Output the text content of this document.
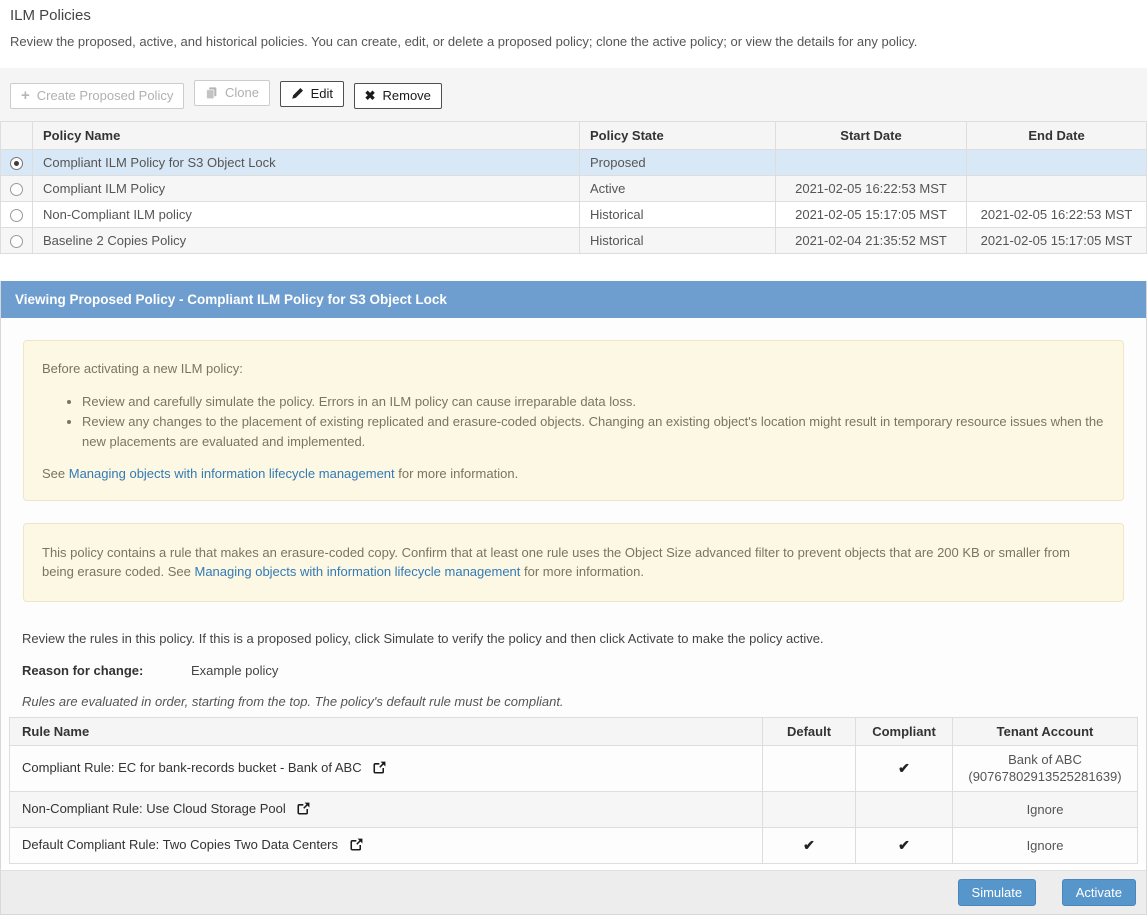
ILM Policies

Review the proposed, active, and historical policies. You can create, edit, or delete a proposed policy; clone the active policy; or view the details for any policy.

+ Create Proposed Policy
	Clone
	Edit
✖ Remove
	Policy Name	Policy State	Start Date	End Date
	Compliant ILM Policy for S3 Object Lock	Proposed		
	Compliant ILM Policy	Active	2021-02-05 16:22:53 MST	
	Non-Compliant ILM policy	Historical	2021-02-05 15:17:05 MST	2021-02-05 16:22:53 MST
	Baseline 2 Copies Policy	Historical	2021-02-04 21:35:52 MST	2021-02-05 15:17:05 MST
Viewing Proposed Policy - Compliant ILM Policy for S3 Object Lock

Before activating a new ILM policy:

• Review and carefully simulate the policy. Errors in an ILM policy can cause irreparable data loss.
• Review any changes to the placement of existing replicated and erasure-coded objects. Changing an existing object's location might result in temporary resource issues when the new placements are evaluated and implemented.

See Managing objects with information lifecycle management for more information.

This policy contains a rule that makes an erasure-coded copy. Confirm that at least one rule uses the Object Size advanced filter to prevent objects that are 200 KB or smaller from being erasure coded. See Managing objects with information lifecycle management for more information.

Review the rules in this policy. If this is a proposed policy, click Simulate to verify the policy and then click Activate to make the policy active.

Reason for change:	Example policy

Rules are evaluated in order, starting from the top. The policy's default rule must be compliant.

Rule Name	Default	Compliant	Tenant Account
Compliant Rule: EC for bank-records bucket - Bank of ABC		✔	Bank of ABC
(90767802913525281639)

Non-Compliant Rule: Use Cloud Storage Pool			Ignore

Default Compliant Rule: Two Copies Two Data Centers	✔	✔	Ignore
Simulate	Activate
